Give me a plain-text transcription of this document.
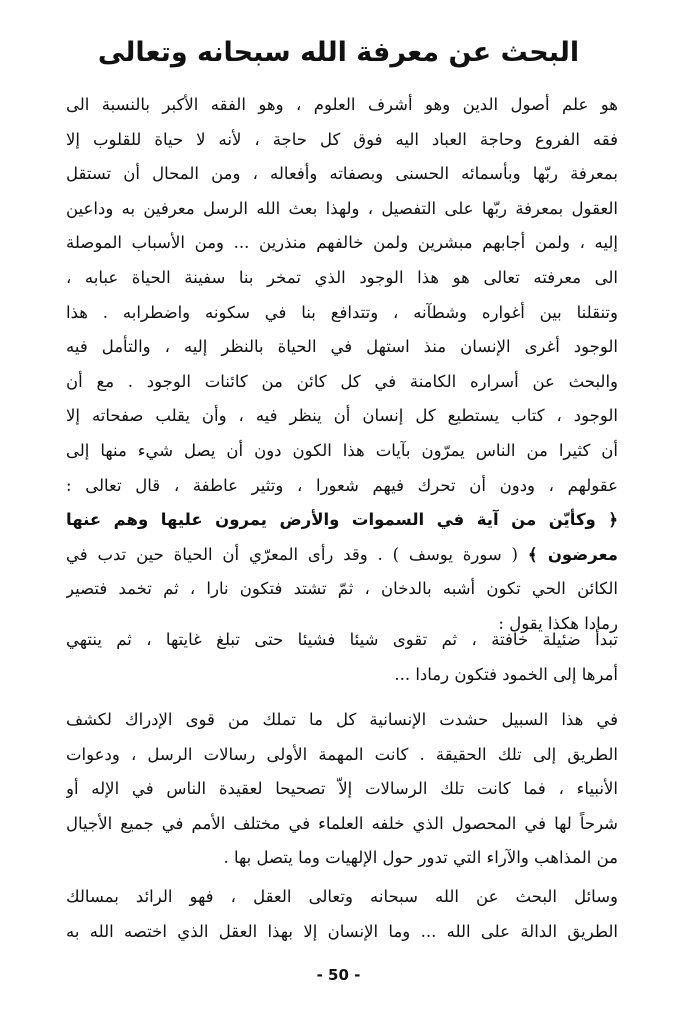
البحث عن معرفة الله سبحانه وتعالى
هو علم أصول الدين وهو أشرف العلوم ، وهو الفقه الأكبر بالنسبة الى
فقه الفروع وحاجة العباد اليه فوق كل حاجة ، لأنه لا حياة للقلوب إلا
بمعرفة ربّها وبأسمائه الحسنى وبصفاته وأفعاله ، ومن المحال أن تستقل
العقول بمعرفة ربّها على التفصيل ، ولهذا بعث الله الرسل معرفين به وداعين
إليه ، ولمن أجابهم مبشرين ولمن خالفهم منذرين ... ومن الأسباب الموصلة
الى معرفته تعالى هو هذا الوجود الذي تمخر بنا سفينة الحياة عبابه ،
وتنقلنا بين أغواره وشطآنه ، وتتدافع بنا في سكونه واضطرابه . هذا
الوجود أغرى الإنسان منذ استهل في الحياة بالنظر إليه ، والتأمل فيه
والبحث عن أسراره الكامنة في كل كائن من كائنات الوجود . مع أن
الوجود ، كتاب يستطيع كل إنسان أن ينظر فيه ، وأن يقلب صفحاته إلا
أن كثيرا من الناس يمرّون بآيات هذا الكون دون أن يصل شيء منها إلى
عقولهم ، ودون أن تحرك فيهم شعورا ، وتثير عاطفة ، قال تعالى :
﴿ وكأيّن من آية في السموات والأرض يمرون عليها وهم عنها
معرضون ﴾ ( سورة يوسف ) . وقد رأى المعرّي أن الحياة حين تدب في
الكائن الحي تكون أشبه بالدخان ، ثمّ تشتد فتكون نارا ، ثم تخمد فتصير
رمادا هكذا يقول :
تبدأ ضئيلة خافتة ، ثم تقوى شيئا فشيئا حتى تبلغ غايتها ، ثم ينتهي
أمرها إلى الخمود فتكون رمادا ...
في هذا السبيل حشدت الإنسانية كل ما تملك من قوى الإدراك لكشف
الطريق إلى تلك الحقيقة . كانت المهمة الأولى رسالات الرسل ، ودعوات
الأنبياء ، فما كانت تلك الرسالات إلاّ تصحيحا لعقيدة الناس في الإله أو
شرحاً لها في المحصول الذي خلفه العلماء في مختلف الأمم في جميع الأجيال
من المذاهب والآراء التي تدور حول الإلهيات وما يتصل بها .
وسائل البحث عن الله سبحانه وتعالى العقل ، فهو الرائد بمسالك
الطريق الدالة على الله ... وما الإنسان إلا بهذا العقل الذي اختصه الله به
- 50 -
